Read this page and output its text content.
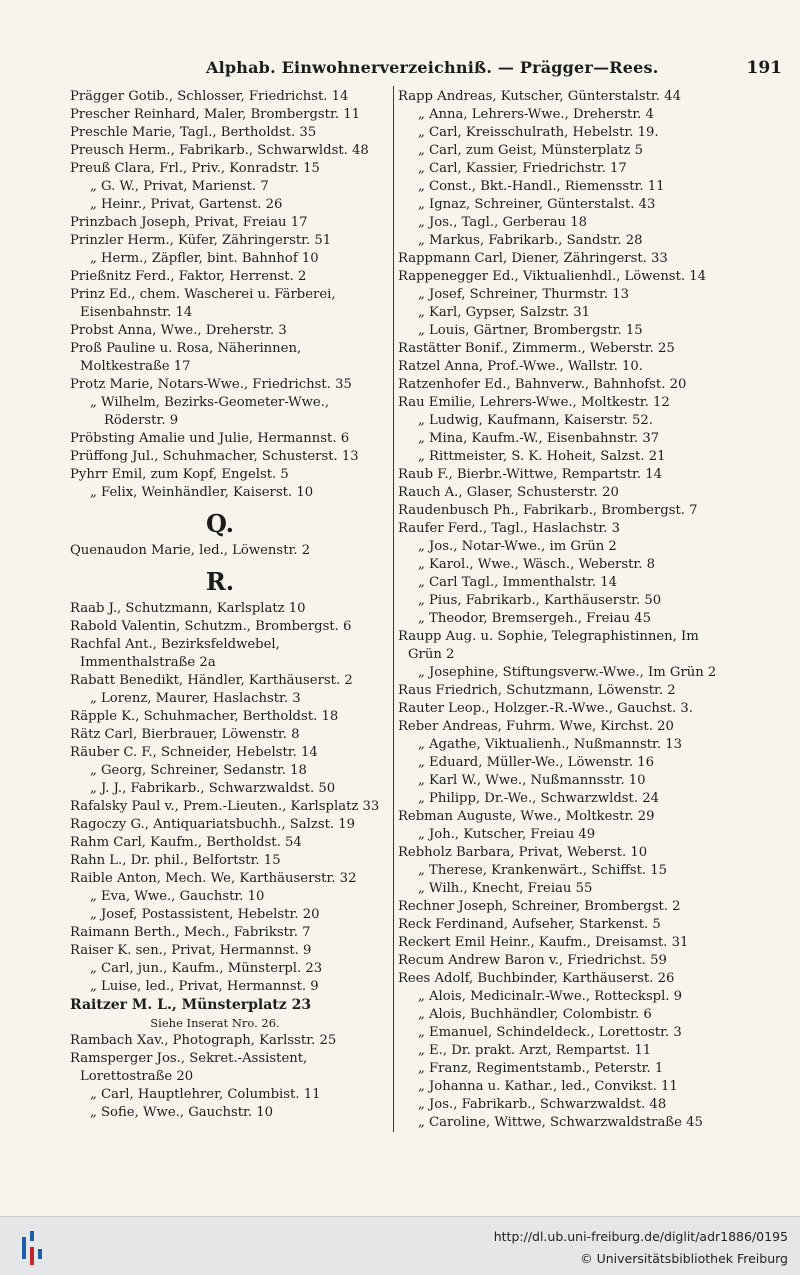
Alphab. Einwohnerverzeichniß. — Prägger—Rees.	191
Prägger Gotib., Schlosser, Friedrichst. 14
Prescher Reinhard, Maler, Brombergstr. 11
Preschle Marie, Tagl., Bertholdst. 35
Preusch Herm., Fabrikarb., Schwarwldst. 48
Preuß Clara, Frl., Priv., Konradstr. 15
„ G. W., Privat, Marienst. 7
„ Heinr., Privat, Gartenst. 26
Prinzbach Joseph, Privat, Freiau 17
Prinzler Herm., Küfer, Zähringerstr. 51
„ Herm., Zäpfler, bint. Bahnhof 10
Prießnitz Ferd., Faktor, Herrenst. 2
Prinz Ed., chem. Wascherei u. Färberei, Eisenbahnstr. 14
Probst Anna, Wwe., Dreherstr. 3
Proß Pauline u. Rosa, Näherinnen, Moltkestraße 17
Protz Marie, Notars-Wwe., Friedrichst. 35
„ Wilhelm, Bezirks-Geometer-Wwe., Röderstr. 9
Pröbsting Amalie und Julie, Hermannst. 6
Prüffong Jul., Schuhmacher, Schusterst. 13
Pyhrr Emil, zum Kopf, Engelst. 5
„ Felix, Weinhändler, Kaiserst. 10
Q.
Quenaudon Marie, led., Löwenstr. 2
R.
Raab J., Schutzmann, Karlsplatz 10
Rabold Valentin, Schutzm., Brombergst. 6
Rachfal Ant., Bezirksfeldwebel, Immenthalstraße 2a
Rabatt Benedikt, Händler, Karthäuserst. 2
„ Lorenz, Maurer, Haslachstr. 3
Räpple K., Schuhmacher, Bertholdst. 18
Rätz Carl, Bierbrauer, Löwenstr. 8
Räuber C. F., Schneider, Hebelstr. 14
„ Georg, Schreiner, Sedanstr. 18
„ J. J., Fabrikarb., Schwarzwaldst. 50
Rafalsky Paul v., Prem.-Lieuten., Karlsplatz 33
Ragoczy G., Antiquariatsbuchh., Salzst. 19
Rahm Carl, Kaufm., Bertholdst. 54
Rahn L., Dr. phil., Belfortstr. 15
Raible Anton, Mech. We, Karthäuserstr. 32
„ Eva, Wwe., Gauchstr. 10
„ Josef, Postassistent, Hebelstr. 20
Raimann Berth., Mech., Fabrikstr. 7
Raiser K. sen., Privat, Hermannst. 9
„ Carl, jun., Kaufm., Münsterpl. 23
„ Luise, led., Privat, Hermannst. 9
Raitzer M. L., Münsterplatz 23
Siehe Inserat Nro. 26.
Rambach Xav., Photograph, Karlsstr. 25
Ramsperger Jos., Sekret.-Assistent, Lorettostraße 20
„ Carl, Hauptlehrer, Columbist. 11
„ Sofie, Wwe., Gauchstr. 10
Rapp Andreas, Kutscher, Günterstalstr. 44
„ Anna, Lehrers-Wwe., Dreherstr. 4
„ Carl, Kreisschulrath, Hebelstr. 19.
„ Carl, zum Geist, Münsterplatz 5
„ Carl, Kassier, Friedrichstr. 17
„ Const., Bkt.-Handl., Riemensstr. 11
„ Ignaz, Schreiner, Günterstalst. 43
„ Jos., Tagl., Gerberau 18
„ Markus, Fabrikarb., Sandstr. 28
Rappmann Carl, Diener, Zähringerst. 33
Rappenegger Ed., Viktualienhdl., Löwenst. 14
„ Josef, Schreiner, Thurmstr. 13
„ Karl, Gypser, Salzstr. 31
„ Louis, Gärtner, Brombergstr. 15
Rastätter Bonif., Zimmerm., Weberstr. 25
Ratzel Anna, Prof.-Wwe., Wallstr. 10.
Ratzenhofer Ed., Bahnverw., Bahnhofst. 20
Rau Emilie, Lehrers-Wwe., Moltkestr. 12
„ Ludwig, Kaufmann, Kaiserstr. 52.
„ Mina, Kaufm.-W., Eisenbahnstr. 37
„ Rittmeister, S. K. Hoheit, Salzst. 21
Raub F., Bierbr.-Wittwe, Rempartstr. 14
Rauch A., Glaser, Schusterstr. 20
Raudenbusch Ph., Fabrikarb., Brombergst. 7
Raufer Ferd., Tagl., Haslachstr. 3
„ Jos., Notar-Wwe., im Grün 2
„ Karol., Wwe., Wäsch., Weberstr. 8
„ Carl Tagl., Immenthalstr. 14
„ Pius, Fabrikarb., Karthäuserstr. 50
„ Theodor, Bremsergeh., Freiau 45
Raupp Aug. u. Sophie, Telegraphistinnen, Im Grün 2
„ Josephine, Stiftungsverw.-Wwe., Im Grün 2
Raus Friedrich, Schutzmann, Löwenstr. 2
Rauter Leop., Holzger.-R.-Wwe., Gauchst. 3.
Reber Andreas, Fuhrm. Wwe, Kirchst. 20
„ Agathe, Viktualienh., Nußmannstr. 13
„ Eduard, Müller-We., Löwenstr. 16
„ Karl W., Wwe., Nußmannsstr. 10
„ Philipp, Dr.-We., Schwarzwldst. 24
Rebman Auguste, Wwe., Moltkestr. 29
„ Joh., Kutscher, Freiau 49
Rebholz Barbara, Privat, Weberst. 10
„ Therese, Krankenwärt., Schiffst. 15
„ Wilh., Knecht, Freiau 55
Rechner Joseph, Schreiner, Brombergst. 2
Reck Ferdinand, Aufseher, Starkenst. 5
Reckert Emil Heinr., Kaufm., Dreisamst. 31
Recum Andrew Baron v., Friedrichst. 59
Rees Adolf, Buchbinder, Karthäuserst. 26
„ Alois, Medicinalr.-Wwe., Rotteckspl. 9
„ Alois, Buchhändler, Colombistr. 6
„ Emanuel, Schindeldeck., Lorettostr. 3
„ E., Dr. prakt. Arzt, Rempartst. 11
„ Franz, Regimentstamb., Peterstr. 1
„ Johanna u. Kathar., led., Convikst. 11
„ Jos., Fabrikarb., Schwarzwaldst. 48
„ Caroline, Wittwe, Schwarzwaldstraße 45
http://dl.ub.uni-freiburg.de/diglit/adr1886/0195
© Universitätsbibliothek Freiburg
